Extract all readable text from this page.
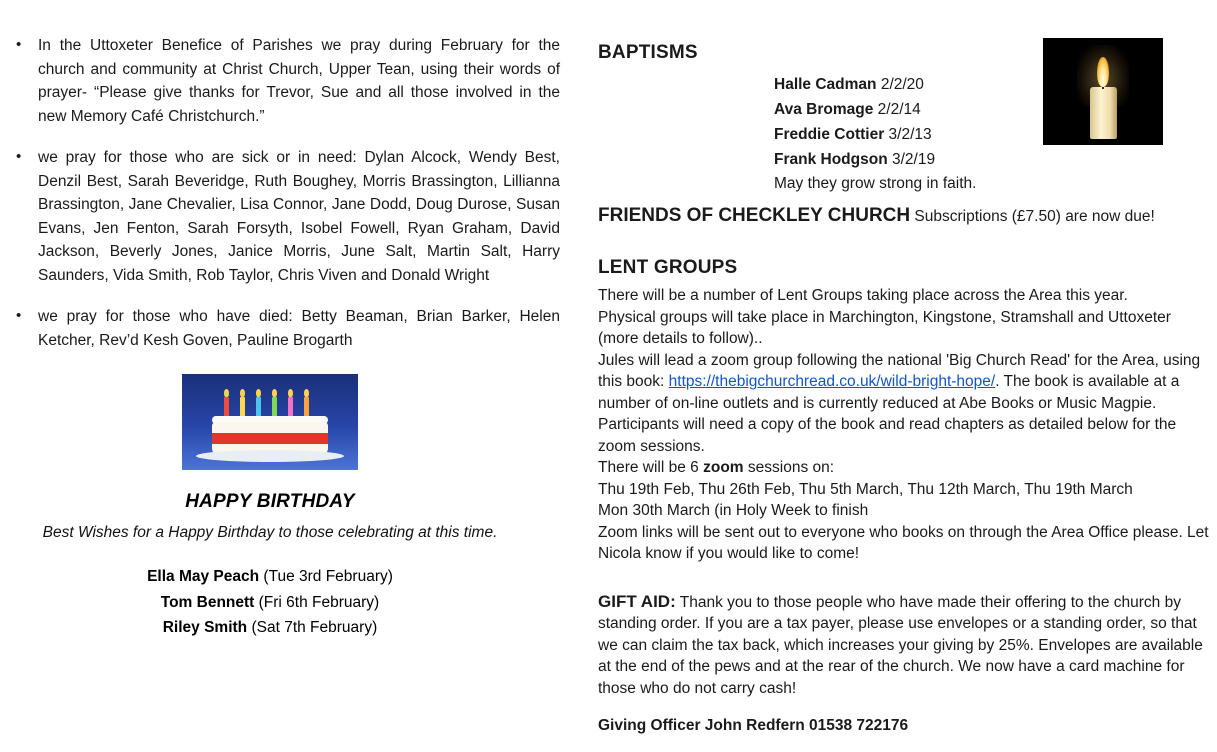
• In the Uttoxeter Benefice of Parishes we pray during February for the church and community at Christ Church, Upper Tean, using their words of prayer- “Please give thanks for Trevor, Sue and all those involved in the new Memory Café Christchurch.”
• we pray for those who are sick or in need: Dylan Alcock, Wendy Best, Denzil Best, Sarah Beveridge, Ruth Boughey, Morris Brassington, Lillianna Brassington, Jane Chevalier, Lisa Connor, Jane Dodd, Doug Durose, Susan Evans, Jen Fenton, Sarah Forsyth, Isobel Fowell, Ryan Graham, David Jackson, Beverly Jones, Janice Morris, June Salt, Martin Salt, Harry Saunders, Vida Smith, Rob Taylor, Chris Viven and Donald Wright
• we pray for those who have died: Betty Beaman, Brian Barker, Helen Ketcher, Rev’d Kesh Goven, Pauline Brogarth
HAPPY BIRTHDAY
Best Wishes for a Happy Birthday to those celebrating at this time.
Ella May Peach (Tue 3rd February)
Tom Bennett (Fri 6th February)
Riley Smith (Sat 7th February)
BAPTISMS
Halle Cadman 2/2/20
Ava Bromage 2/2/14
Freddie Cottier 3/2/13
Frank Hodgson 3/2/19
May they grow strong in faith.
FRIENDS OF CHECKLEY CHURCH Subscriptions (£7.50) are now due!
LENT GROUPS

There will be a number of Lent Groups taking place across the Area this year.

Physical groups will take place in Marchington, Kingstone, Stramshall and Uttoxeter (more details to follow)..

Jules will lead a zoom group following the national 'Big Church Read' for the Area, using this book: https://thebigchurchread.co.uk/wild-bright-hope/. The book is available at a number of on-line outlets and is currently reduced at Abe Books or Music Magpie. Participants will need a copy of the book and read chapters as detailed below for the zoom sessions.

There will be 6 zoom sessions on:

Thu 19th Feb, Thu 26th Feb, Thu 5th March, Thu 12th March, Thu 19th March

Mon 30th March (in Holy Week to finish

Zoom links will be sent out to everyone who books on through the Area Office please. Let Nicola know if you would like to come!

GIFT AID: Thank you to those people who have made their offering to the church by standing order. If you are a tax payer, please use envelopes or a standing order, so that we can claim the tax back, which increases your giving by 25%. Envelopes are available at the end of the pews and at the rear of the church. We now have a card machine for those who do not carry cash!

Giving Officer John Redfern 01538 722176
